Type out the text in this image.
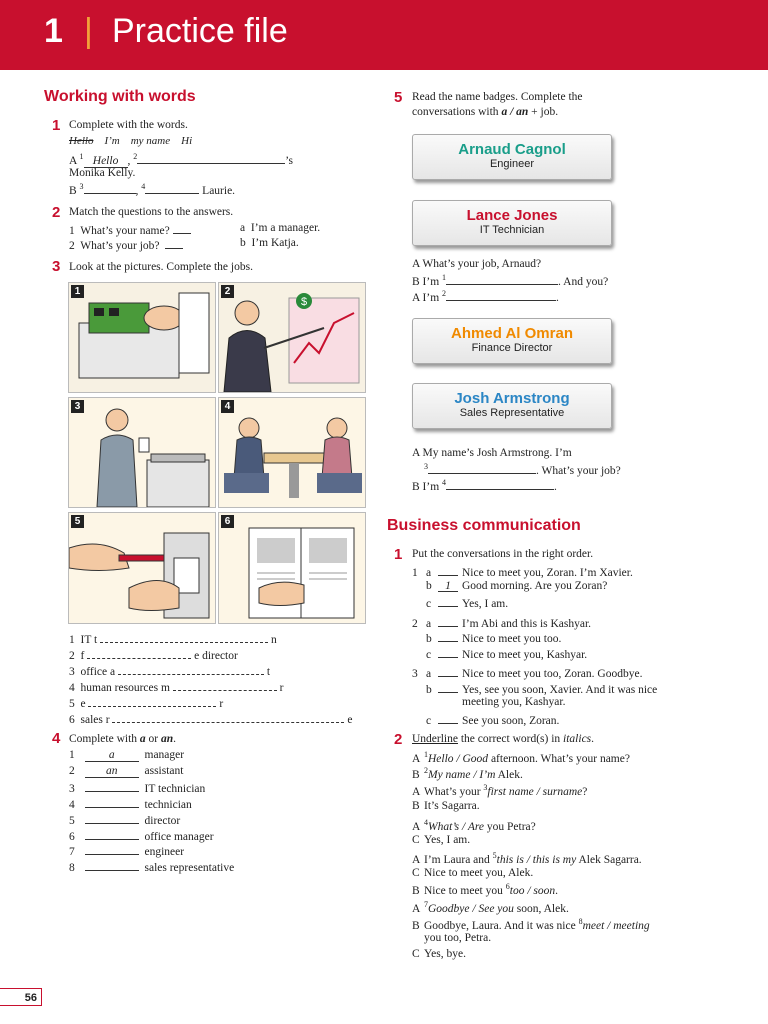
1 | Practice file
Working with words
1 Complete with the words.
Hello I’m my name Hi
A $^1$ Hello , $^2$	’s
Monika Kelly.
B $^3$	, $^4$	Laurie.
2 Match the questions to the answers.
1 What’s your name?	a I’m a manager.
2 What’s your job?	b I’m Katja.
3 Look at the pictures. Complete the jobs.
1
$
2
3	4
5	6
1 IT t	n
2 f	e director
3 office a	t
4 human resources m	r
5 e	r
6 sales r	e
4 Complete with a or an.
1	a	manager
2	an assistant
3	IT technician
4	technician
5	director
6	office manager
7	engineer
8	sales representative
5 Read the name badges. Complete the
conversations with a / an + job.
Arnaud Cagnol
Engineer
Lance Jones
IT Technician
A What’s your job, Arnaud?
B I’m $^1$	. And you?
A I’m $^2$	.
Ahmed Al Omran
Finance Director
Josh Armstrong
Sales Representative
A My name’s Josh Armstrong. I’m
$^3$	. What’s your job?
B I’m $^4$	.
Business communication
1 Put the conversations in the right order.
1 a	Nice to meet you, Zoran. I’m Xavier.
b 1 Good morning. Are you Zoran?
c	Yes, I am.
2 a	I’m Abi and this is Kashyar.
b	Nice to meet you too.
c	Nice to meet you, Kashyar.
3 a	Nice to meet you too, Zoran. Goodbye.
b	Yes, see you soon, Xavier. And it was nice
meeting you, Kashyar.
c	See you soon, Zoran.
2 Underline the correct word(s) in italics.
A $^1$Hello / Good afternoon. What’s your name?
B $^2$My name / I’m Alek.
A What’s your $^3$first name / surname?
B It’s Sagarra.
A $^4$What’s / Are you Petra?
C Yes, I am.
A I’m Laura and $^5$this is / this is my Alek Sagarra.
C Nice to meet you, Alek.
B Nice to meet you $^6$too / soon.
A $^7$Goodbye / See you soon, Alek.
B Goodbye, Laura. And it was nice $^8$meet / meeting
you too, Petra.
C Yes, bye.
56
